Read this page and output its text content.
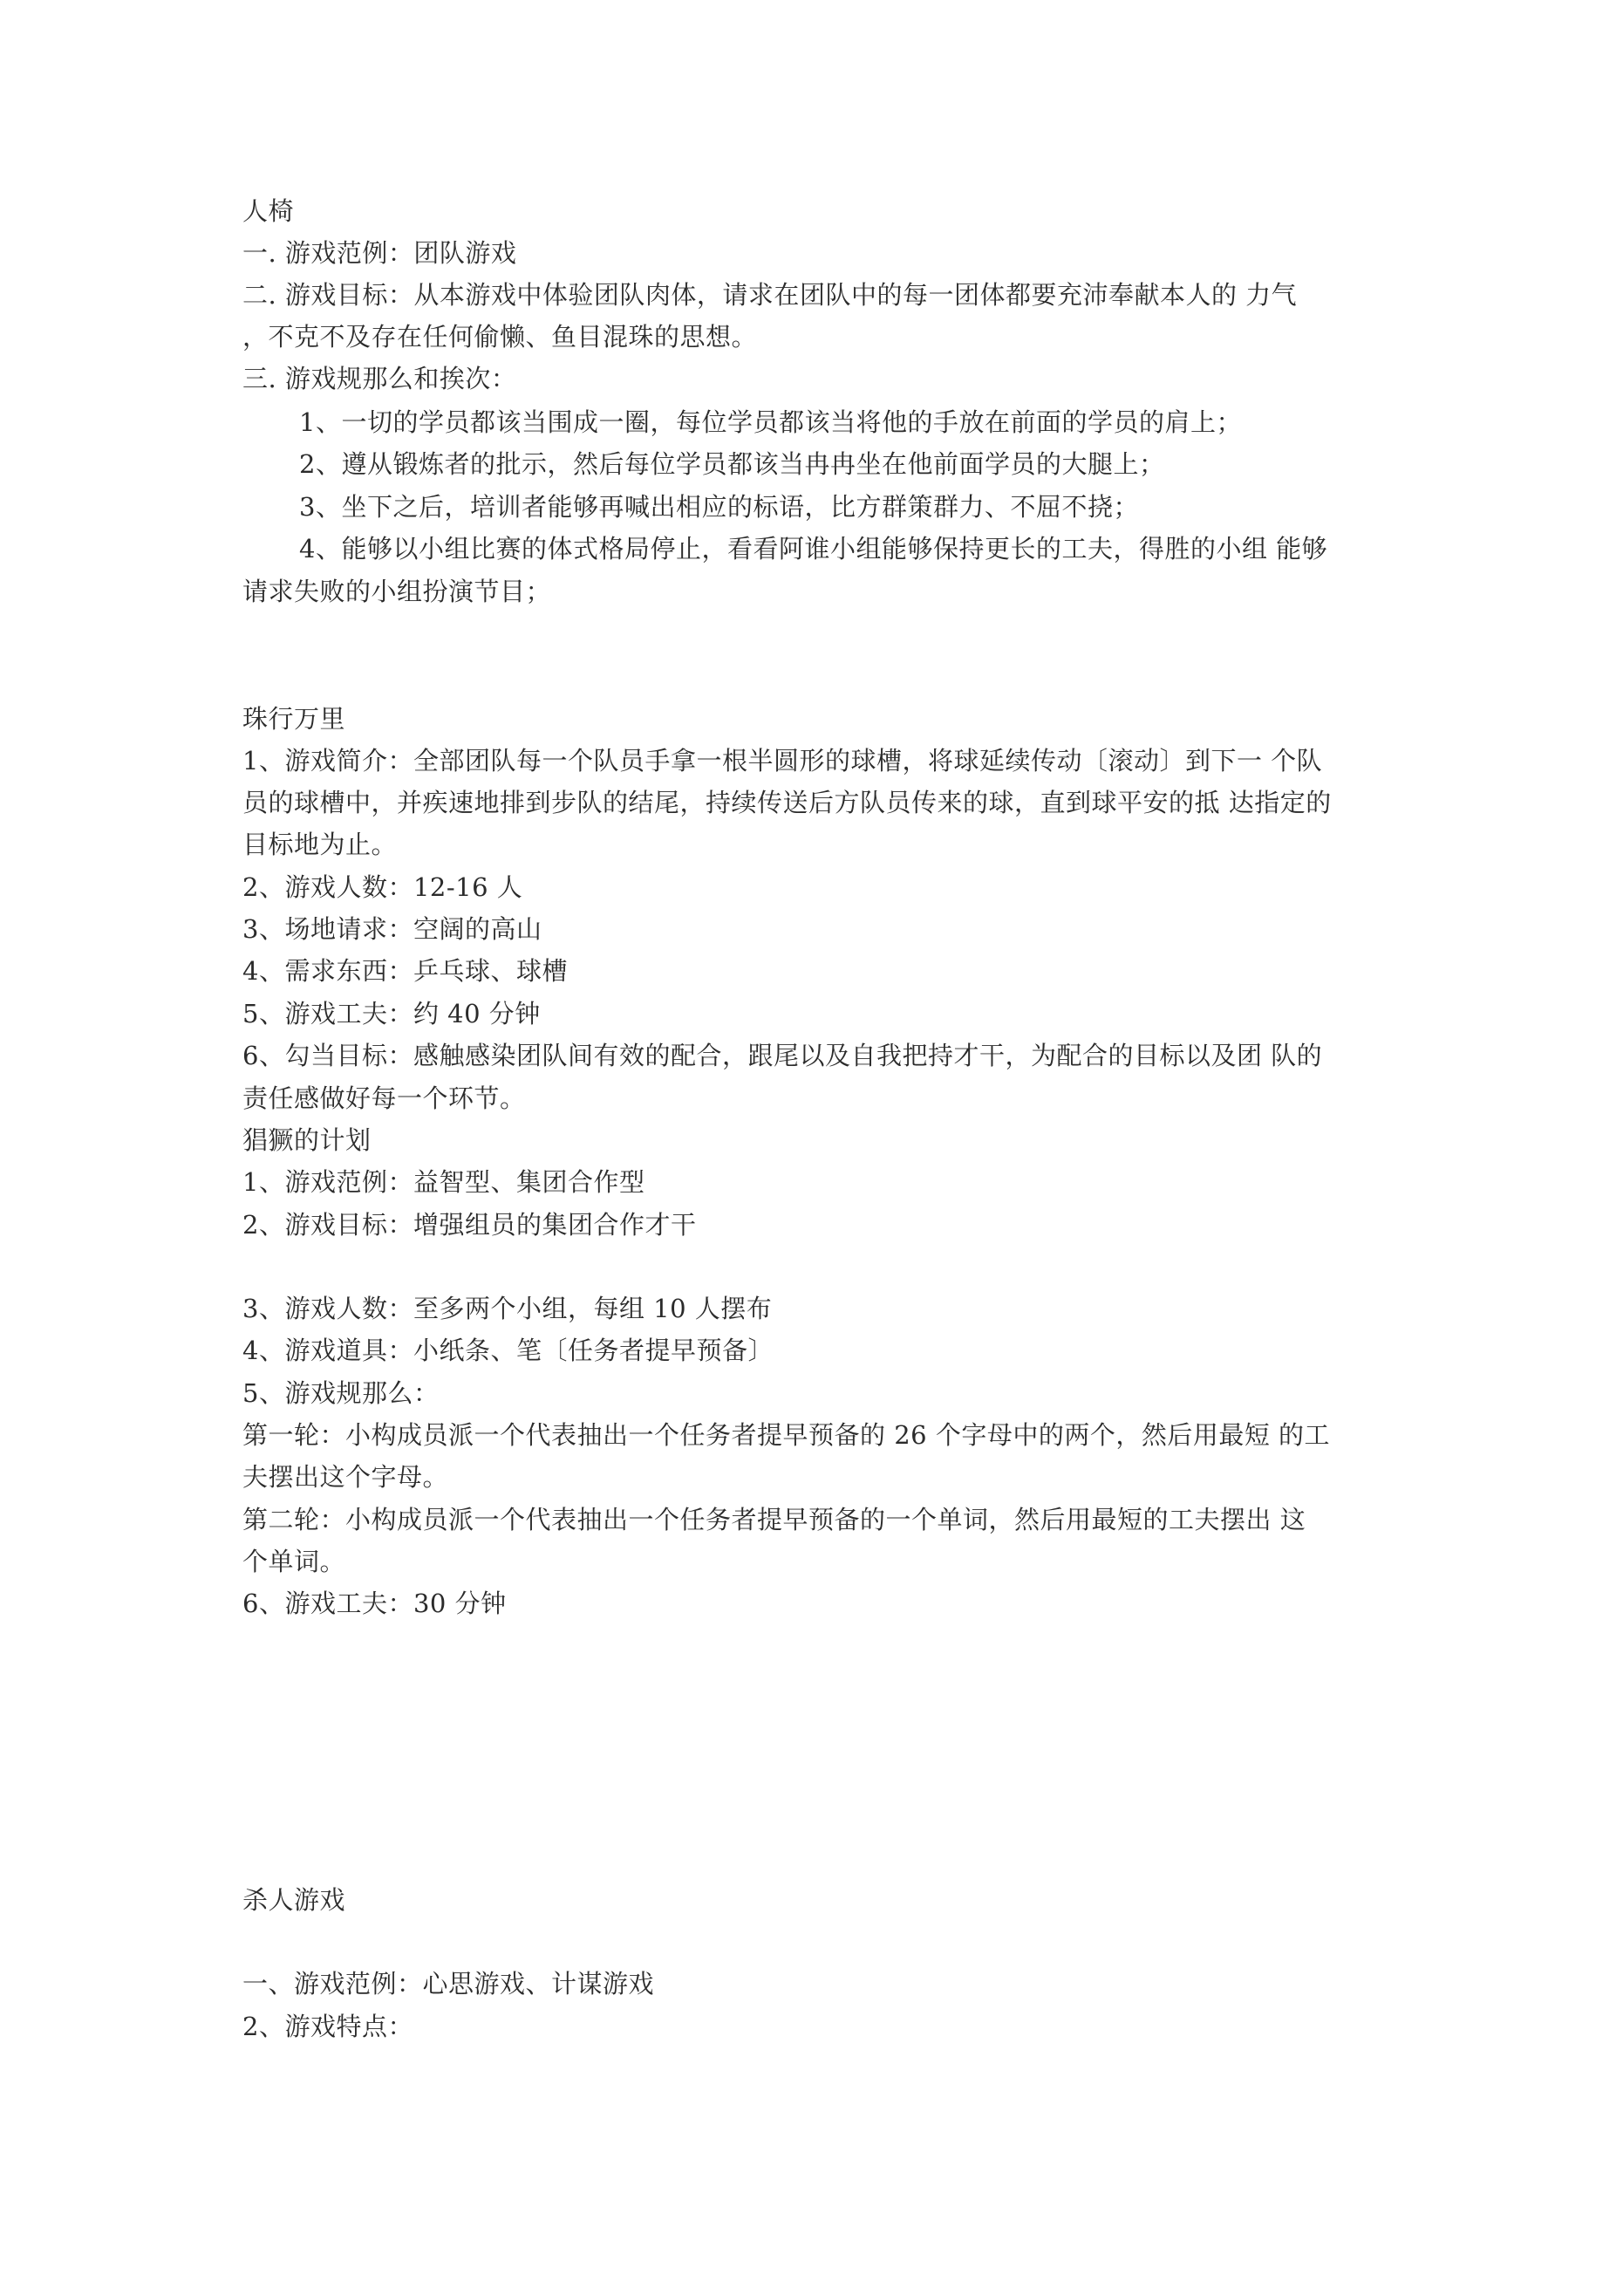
人椅

一. 游戏范例：团队游戏

二. 游戏目标：从本游戏中体验团队肉体，请求在团队中的每一团体都要充沛奉献本人的 力气

，不克不及存在任何偷懒、鱼目混珠的思想。

三. 游戏规那么和挨次：

1、一切的学员都该当围成一圈，每位学员都该当将他的手放在前面的学员的肩上；

2、遵从锻炼者的批示，然后每位学员都该当冉冉坐在他前面学员的大腿上；

3、坐下之后，培训者能够再喊出相应的标语，比方群策群力、不屈不挠；

4、能够以小组比赛的体式格局停止，看看阿谁小组能够保持更长的工夫，得胜的小组 能够

请求失败的小组扮演节目；

珠行万里

1、游戏简介：全部团队每一个队员手拿一根半圆形的球槽，将球延续传动〔滚动〕到下一 个队

员的球槽中，并疾速地排到步队的结尾，持续传送后方队员传来的球，直到球平安的抵 达指定的

目标地为止。

2、游戏人数：12-16 人

3、场地请求：空阔的高山

4、需求东西：乒乓球、球槽

5、游戏工夫：约 40 分钟

6、勾当目标：感触感染团队间有效的配合，跟尾以及自我把持才干，为配合的目标以及团 队的

责任感做好每一个环节。

猖獗的计划

1、游戏范例：益智型、集团合作型

2、游戏目标：增强组员的集团合作才干

3、游戏人数：至多两个小组，每组 10 人摆布

4、游戏道具：小纸条、笔〔任务者提早预备〕

5、游戏规那么：

第一轮：小构成员派一个代表抽出一个任务者提早预备的 26 个字母中的两个，然后用最短 的工

夫摆出这个字母。

第二轮：小构成员派一个代表抽出一个任务者提早预备的一个单词，然后用最短的工夫摆出 这

个单词。

6、游戏工夫：30 分钟

杀人游戏

一、游戏范例：心思游戏、计谋游戏

2、游戏特点：
